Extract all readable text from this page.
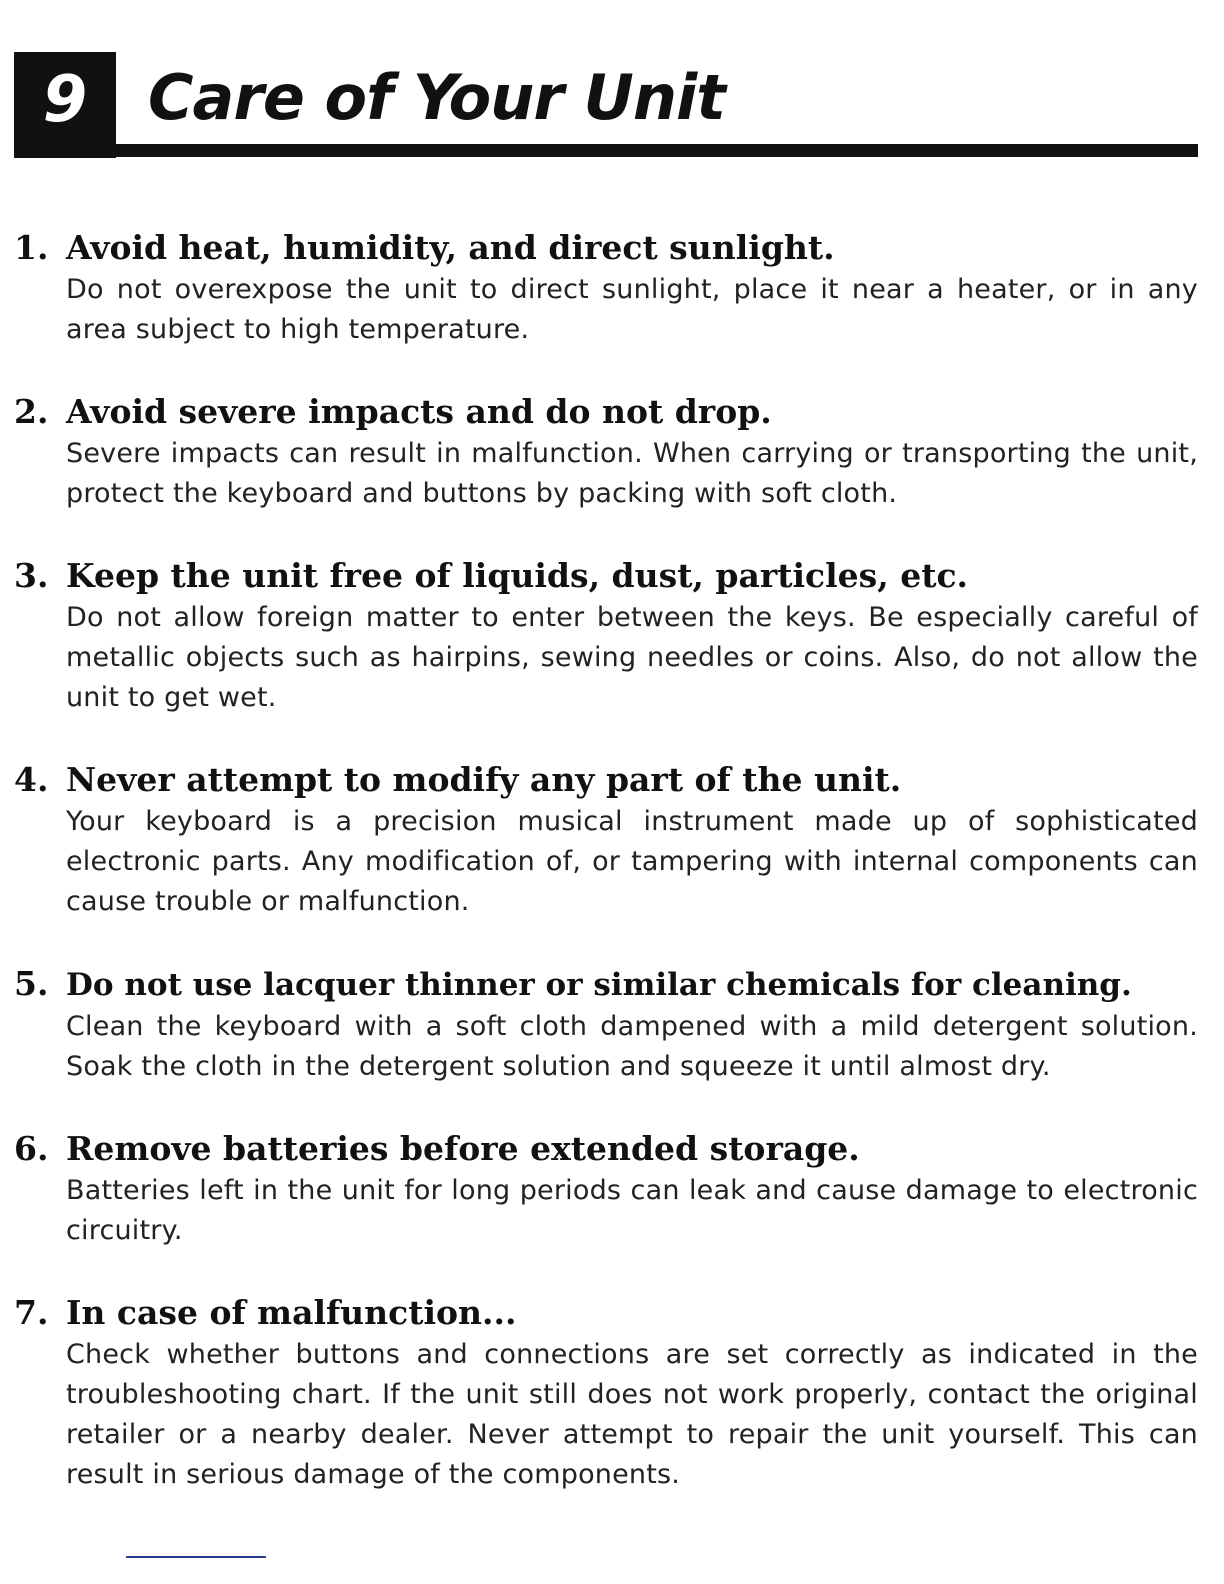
9 Care of Your Unit
1. Avoid heat, humidity, and direct sunlight.
Do not overexpose the unit to direct sunlight, place it near a heater, or in any area subject to high temperature.
2. Avoid severe impacts and do not drop.
Severe impacts can result in malfunction. When carrying or transporting the unit, protect the keyboard and buttons by packing with soft cloth.
3. Keep the unit free of liquids, dust, particles, etc.
Do not allow foreign matter to enter between the keys. Be especially careful of metallic objects such as hairpins, sewing needles or coins. Also, do not allow the unit to get wet.
4. Never attempt to modify any part of the unit.
Your keyboard is a precision musical instrument made up of sophisticated electronic parts. Any modification of, or tampering with internal components can cause trouble or malfunction.
5. Do not use lacquer thinner or similar chemicals for cleaning.
Clean the keyboard with a soft cloth dampened with a mild detergent solution. Soak the cloth in the detergent solution and squeeze it until almost dry.
6. Remove batteries before extended storage.
Batteries left in the unit for long periods can leak and cause damage to electronic circuitry.
7. In case of malfunction...
Check whether buttons and connections are set correctly as indicated in the troubleshooting chart. If the unit still does not work properly, contact the original retailer or a nearby dealer. Never attempt to repair the unit yourself. This can result in serious damage of the components.
